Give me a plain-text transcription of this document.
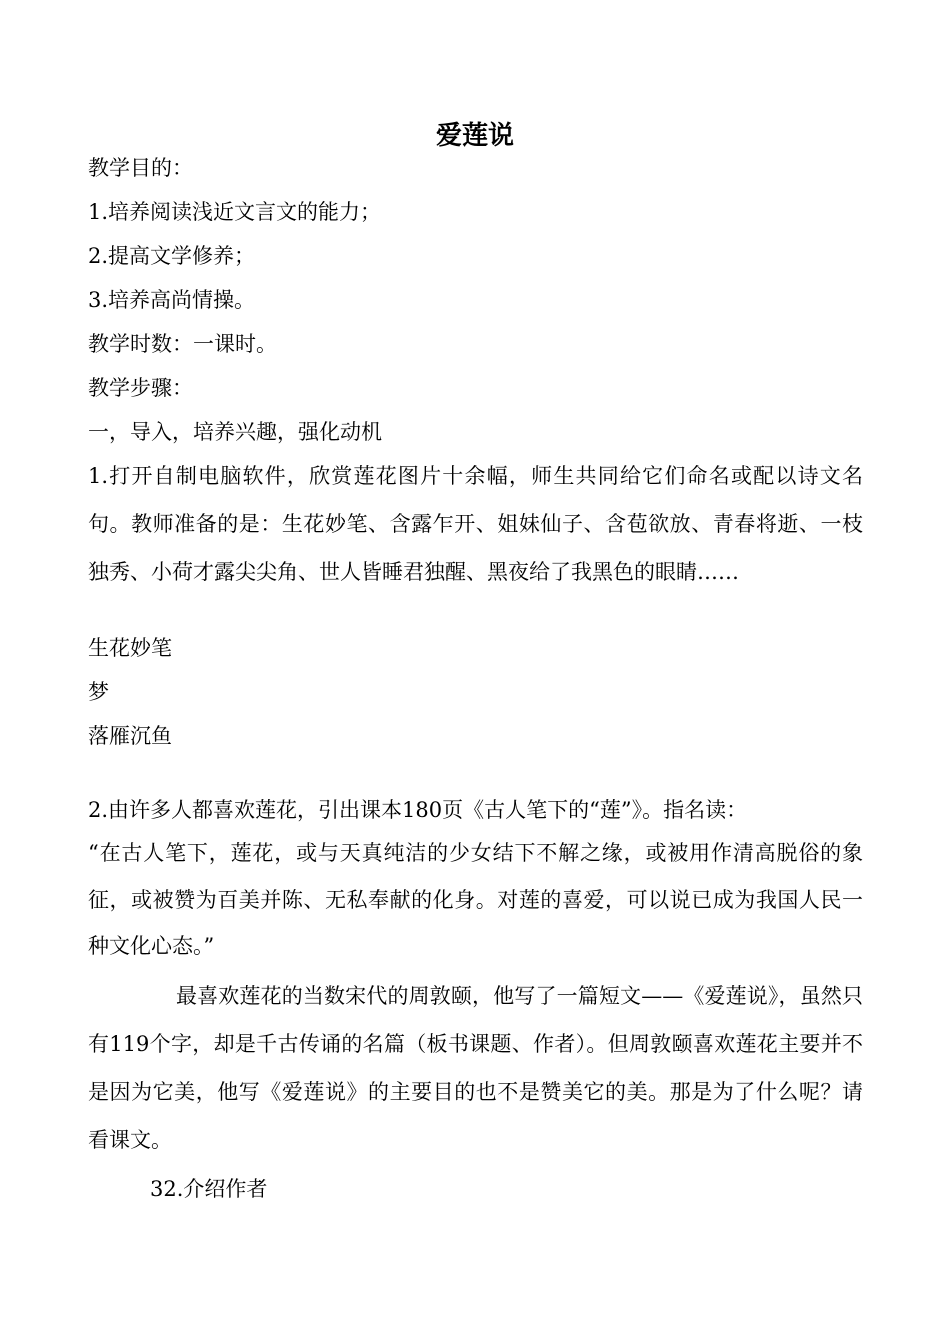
爱莲说

教学目的：

1.培养阅读浅近文言文的能力；

2.提高文学修养；

3.培养高尚情操。

教学时数：一课时。

教学步骤：

一，导入，培养兴趣，强化动机

1.打开自制电脑软件，欣赏莲花图片十余幅，师生共同给它们命名或配以诗文名句。教师准备的是：生花妙笔、含露乍开、姐妹仙子、含苞欲放、青春将逝、一枝独秀、小荷才露尖尖角、世人皆睡君独醒、黑夜给了我黑色的眼睛……

生花妙笔

梦

落雁沉鱼

2.由许多人都喜欢莲花，引出课本180页《古人笔下的“莲”》。指名读：

“在古人笔下，莲花，或与天真纯洁的少女结下不解之缘，或被用作清高脱俗的象征，或被赞为百美并陈、无私奉献的化身。对莲的喜爱，可以说已成为我国人民一种文化心态。”

最喜欢莲花的当数宋代的周敦颐，他写了一篇短文——《爱莲说》，虽然只有119个字，却是千古传诵的名篇（板书课题、作者）。但周敦颐喜欢莲花主要并不是因为它美，他写《爱莲说》的主要目的也不是赞美它的美。那是为了什么呢？请看课文。

32.介绍作者
